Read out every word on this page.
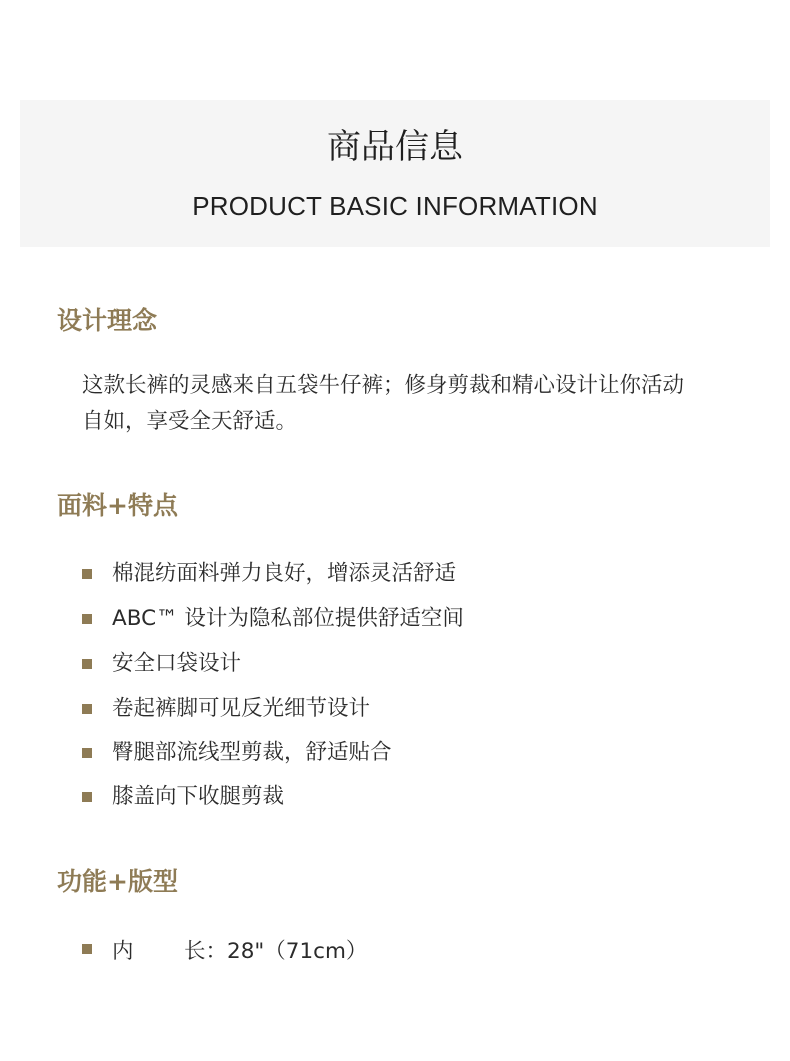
商品信息
PRODUCT BASIC INFORMATION
设计理念
这款长裤的灵感来自五袋牛仔裤；修身剪裁和精心设计让你活动
自如，享受全天舒适。
面料+特点
棉混纺面料弹力良好，增添灵活舒适
ABC™ 设计为隐私部位提供舒适空间
安全口袋设计
卷起裤脚可见反光细节设计
臀腿部流线型剪裁，舒适贴合
膝盖向下收腿剪裁
功能+版型
内	长： 28"（71cm）
